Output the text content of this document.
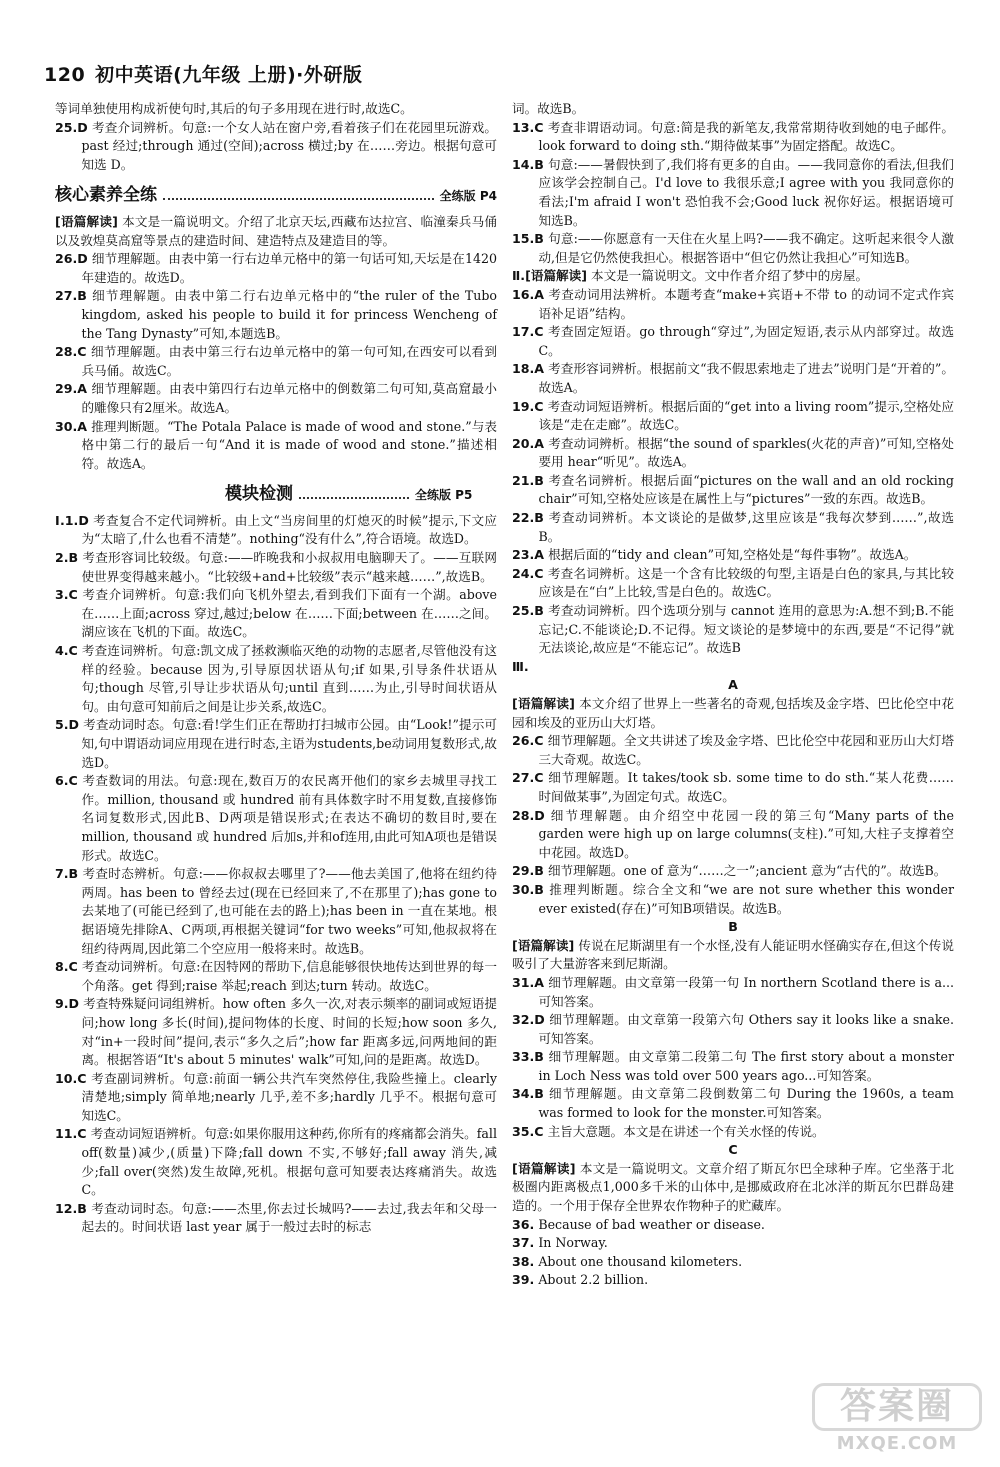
120 初中英语(九年级 上册)·外研版

等词单独使用构成祈使句时,其后的句子多用现在进行时,故选C。

25.D 考查介词辨析。句意:一个女人站在窗户旁,看着孩子们在花园里玩游戏。past 经过;through 通过(空间);across 横过;by 在……旁边。根据句意可知选 D。

核心素养全练	全练版 P4

[语篇解读] 本文是一篇说明文。介绍了北京天坛,西藏布达拉宫、临潼秦兵马俑以及敦煌莫高窟等景点的建造时间、建造特点及建造目的等。

26.D 细节理解题。由表中第一行右边单元格中的第一句话可知,天坛是在1420年建造的。故选D。

27.B 细节理解题。由表中第二行右边单元格中的“the ruler of the Tubo kingdom, asked his people to build it for princess Wencheng of the Tang Dynasty”可知,本题选B。

28.C 细节理解题。由表中第三行右边单元格中的第一句可知,在西安可以看到兵马俑。故选C。

29.A 细节理解题。由表中第四行右边单元格中的倒数第二句可知,莫高窟最小的雕像只有2厘米。故选A。

30.A 推理判断题。“The Potala Palace is made of wood and stone.”与表格中第二行的最后一句“And it is made of wood and stone.”描述相符。故选A。

模块检测	全练版 P5

Ⅰ.1.D 考查复合不定代词辨析。由上文“当房间里的灯熄灭的时候”提示,下文应为“太暗了,什么也看不清楚”。nothing“没有什么”,符合语境。故选D。

2.B 考查形容词比较级。句意:——昨晚我和小叔叔用电脑聊天了。——互联网使世界变得越来越小。“比较级+and+比较级”表示“越来越……”,故选B。

3.C 考查介词辨析。句意:我们向飞机外望去,看到我们下面有一个湖。above 在……上面;across 穿过,越过;below 在……下面;between 在……之间。湖应该在飞机的下面。故选C。

4.C 考查连词辨析。句意:凯文成了拯救濒临灭绝的动物的志愿者,尽管他没有这样的经验。because 因为,引导原因状语从句;if 如果,引导条件状语从句;though 尽管,引导让步状语从句;until 直到……为止,引导时间状语从句。由句意可知前后之间是让步关系,故选C。

5.D 考查动词时态。句意:看!学生们正在帮助打扫城市公园。由“Look!”提示可知,句中谓语动词应用现在进行时态,主语为students,be动词用复数形式,故选D。

6.C 考查数词的用法。句意:现在,数百万的农民离开他们的家乡去城里寻找工作。million, thousand 或 hundred 前有具体数字时不用复数,直接修饰名词复数形式,因此B、D两项是错误形式;在表达不确切的数目时,要在million, thousand 或 hundred 后加s,并和of连用,由此可知A项也是错误形式。故选C。

7.B 考查时态辨析。句意:——你叔叔去哪里了?——他去美国了,他将在纽约待两周。has been to 曾经去过(现在已经回来了,不在那里了);has gone to 去某地了(可能已经到了,也可能在去的路上);has been in 一直在某地。根据语境先排除A、C两项,再根据关键词“for two weeks”可知,他叔叔将在纽约待两周,因此第二个空应用一般将来时。故选B。

8.C 考查动词辨析。句意:在因特网的帮助下,信息能够很快地传达到世界的每一个角落。get 得到;raise 举起;reach 到达;turn 转动。故选C。

9.D 考查特殊疑问词组辨析。how often 多久一次,对表示频率的副词或短语提问;how long 多长(时间),提问物体的长度、时间的长短;how soon 多久,对“in+一段时间”提问,表示“多久之后”;how far 距离多远,问两地间的距离。根据答语“It's about 5 minutes' walk”可知,问的是距离。故选D。

10.C 考查副词辨析。句意:前面一辆公共汽车突然停住,我险些撞上。clearly 清楚地;simply 简单地;nearly 几乎,差不多;hardly 几乎不。根据句意可知选C。

11.C 考查动词短语辨析。句意:如果你服用这种药,你所有的疼痛都会消失。fall off(数量)减少,(质量)下降;fall down 不实,不够好;fall away 消失,减少;fall over(突然)发生故障,死机。根据句意可知要表达疼痛消失。故选C。

12.B 考查动词时态。句意:——杰里,你去过长城吗?——去过,我去年和父母一起去的。时间状语 last year 属于一般过去时的标志

词。故选B。

13.C 考查非谓语动词。句意:简是我的新笔友,我常常期待收到她的电子邮件。look forward to doing sth.“期待做某事”为固定搭配。故选C。

14.B 句意:——暑假快到了,我们将有更多的自由。——我同意你的看法,但我们应该学会控制自己。I'd love to 我很乐意;I agree with you 我同意你的看法;I'm afraid I won't 恐怕我不会;Good luck 祝你好运。根据语境可知选B。

15.B 句意:——你愿意有一天住在火星上吗?——我不确定。这听起来很令人激动,但是它仍然使我担心。根据答语中“但它仍然让我担心”可知选B。

Ⅱ.[语篇解读] 本文是一篇说明文。文中作者介绍了梦中的房屋。

16.A 考查动词用法辨析。本题考查“make+宾语+不带 to 的动词不定式作宾语补足语”结构。

17.C 考查固定短语。go through“穿过”,为固定短语,表示从内部穿过。故选C。

18.A 考查形容词辨析。根据前文“我不假思索地走了进去”说明门是“开着的”。故选A。

19.C 考查动词短语辨析。根据后面的“get into a living room”提示,空格处应该是“走在走廊”。故选C。

20.A 考查动词辨析。根据“the sound of sparkles(火花的声音)”可知,空格处要用 hear“听见”。故选A。

21.B 考查名词辨析。根据后面“pictures on the wall and an old rocking chair”可知,空格处应该是在属性上与“pictures”一致的东西。故选B。

22.B 考查动词辨析。本文谈论的是做梦,这里应该是“我每次梦到……”,故选B。

23.A 根据后面的“tidy and clean”可知,空格处是“每件事物”。故选A。

24.C 考查名词辨析。这是一个含有比较级的句型,主语是白色的家具,与其比较应该是在“白”上比较,雪是白色的。故选C。

25.B 考查动词辨析。四个选项分别与 cannot 连用的意思为:A.想不到;B.不能忘记;C.不能谈论;D.不记得。短文谈论的是梦境中的东西,要是“不记得”就无法谈论,故应是“不能忘记”。故选B

Ⅲ.

A

[语篇解读] 本文介绍了世界上一些著名的奇观,包括埃及金字塔、巴比伦空中花园和埃及的亚历山大灯塔。

26.C 细节理解题。全文共讲述了埃及金字塔、巴比伦空中花园和亚历山大灯塔三大奇观。故选C。

27.C 细节理解题。It takes/took sb. some time to do sth.“某人花费……时间做某事”,为固定句式。故选C。

28.D 细节理解题。由介绍空中花园一段的第三句“Many parts of the garden were high up on large columns(支柱).”可知,大柱子支撑着空中花园。故选D。

29.B 细节理解题。one of 意为“……之一”;ancient 意为“古代的”。故选B。

30.B 推理判断题。综合全文和“we are not sure whether this wonder ever existed(存在)”可知B项错误。故选B。

B

[语篇解读] 传说在尼斯湖里有一个水怪,没有人能证明水怪确实存在,但这个传说吸引了大量游客来到尼斯湖。

31.A 细节理解题。由文章第一段第一句 In northern Scotland there is a...可知答案。

32.D 细节理解题。由文章第一段第六句 Others say it looks like a snake.可知答案。

33.B 细节理解题。由文章第二段第二句 The first story about a monster in Loch Ness was told over 500 years ago...可知答案。

34.B 细节理解题。由文章第二段倒数第二句 During the 1960s, a team was formed to look for the monster.可知答案。

35.C 主旨大意题。本文是在讲述一个有关水怪的传说。

C

[语篇解读] 本文是一篇说明文。文章介绍了斯瓦尔巴全球种子库。它坐落于北极圈内距离极点1,000多千米的山体中,是挪威政府在北冰洋的斯瓦尔巴群岛建造的。一个用于保存全世界农作物种子的贮藏库。

36. Because of bad weather or disease.

37. In Norway.

38. About one thousand kilometers.

39. About 2.2 billion.

答案圈
MXQE.COM
